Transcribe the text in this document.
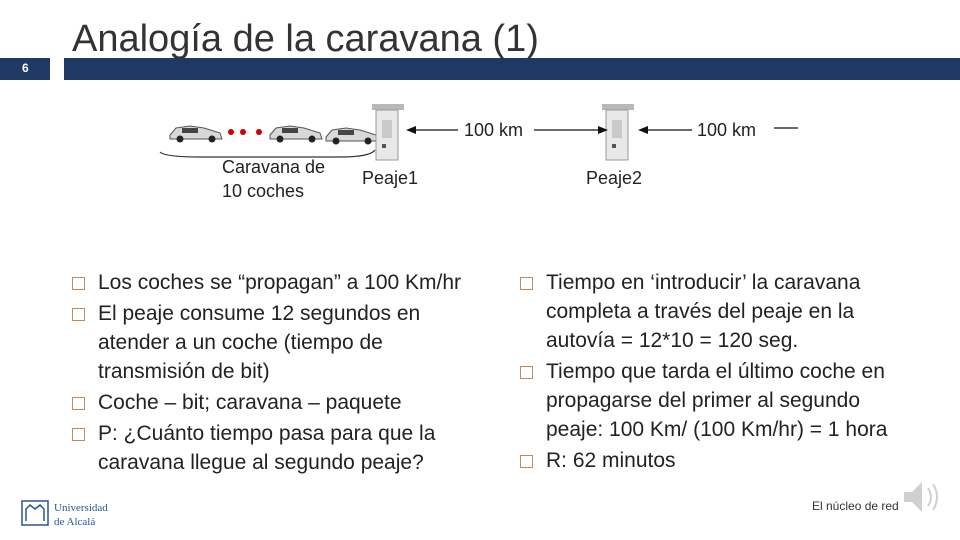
6
Analogía de la caravana (1)
100 km	100 km
Caravana de
10 coches
Peaje1	Peaje2
Los coches se “propagan” a 100 Km/hr
El peaje consume 12 segundos en atender a un coche (tiempo de transmisión de bit)
Coche – bit; caravana – paquete
P: ¿Cuánto tiempo pasa para que la caravana llegue al segundo peaje?
Tiempo en ‘introducir’ la caravana completa a través del peaje en la autovía = 12*10 = 120 seg.
Tiempo que tarda el último coche en propagarse del primer al segundo peaje: 100 Km/ (100 Km/hr) = 1 hora
R: 62 minutos
Universidad
de Alcalá
El núcleo de red
